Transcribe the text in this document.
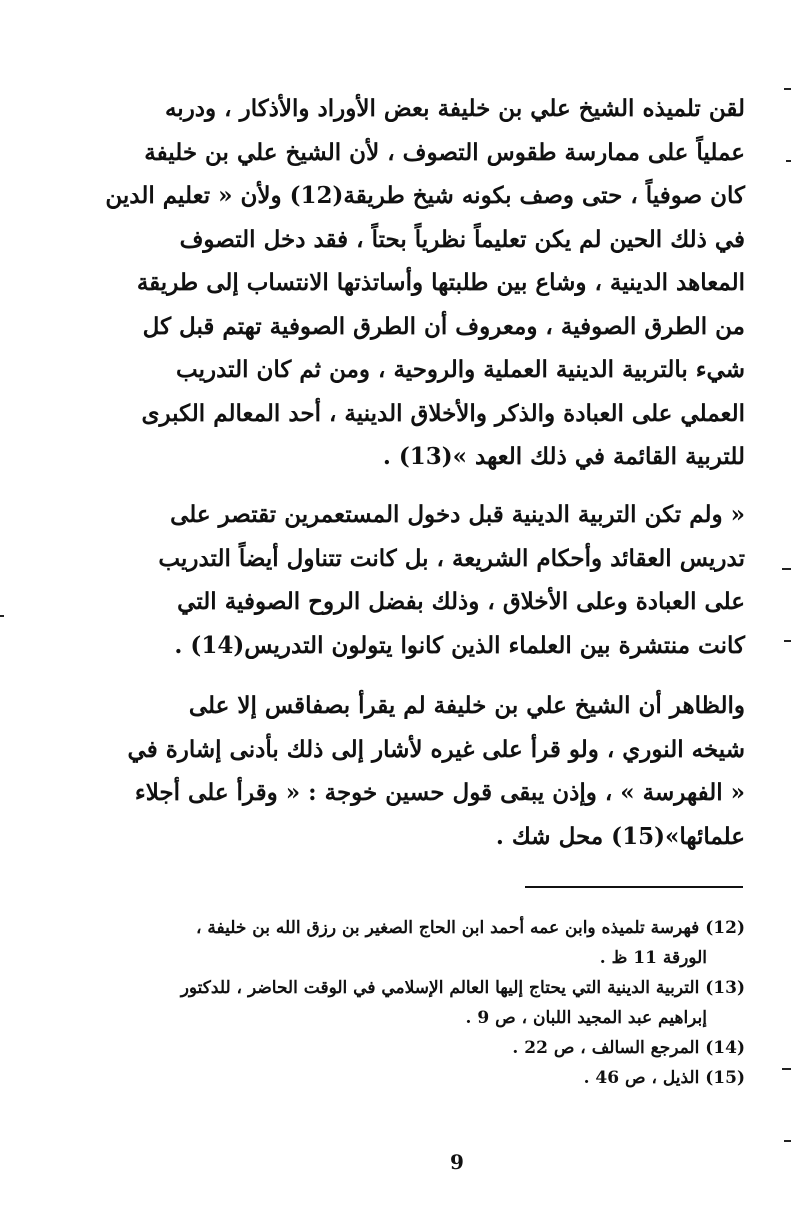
لقن تلميذه الشيخ علي بن خليفة بعض الأوراد والأذكار ، ودربه
عملياً على ممارسة طقوس التصوف ، لأن الشيخ علي بن خليفة
كان صوفياً ، حتى وصف بكونه شيخ طريقة(12) ولأن « تعليم الدين
في ذلك الحين لم يكن تعليماً نظرياً بحتاً ، فقد دخل التصوف
المعاهد الدينية ، وشاع بين طلبتها وأساتذتها الانتساب إلى طريقة
من الطرق الصوفية ، ومعروف أن الطرق الصوفية تهتم قبل كل
شيء بالتربية الدينية العملية والروحية ، ومن ثم كان التدريب
العملي على العبادة والذكر والأخلاق الدينية ، أحد المعالم الكبرى
للتربية القائمة في ذلك العهد »(13) .
« ولم تكن التربية الدينية قبل دخول المستعمرين تقتصر على
تدريس العقائد وأحكام الشريعة ، بل كانت تتناول أيضاً التدريب
على العبادة وعلى الأخلاق ، وذلك بفضل الروح الصوفية التي
كانت منتشرة بين العلماء الذين كانوا يتولون التدريس(14) .
والظاهر أن الشيخ علي بن خليفة لم يقرأ بصفاقس إلا على
شيخه النوري ، ولو قرأ على غيره لأشار إلى ذلك بأدنى إشارة في
« الفهرسة » ، وإذن يبقى قول حسين خوجة : « وقرأ على أجلاء
علمائها»(15) محل شك .
(12) فهرسة تلميذه وابن عمه أحمد ابن الحاج الصغير بن رزق الله بن خليفة ،
الورقة 11 ظ .
(13) التربية الدينية التي يحتاج إليها العالم الإسلامي في الوقت الحاضر ، للدكتور
إبراهيم عبد المجيد اللبان ، ص 9 .
(14) المرجع السالف ، ص 22 .
(15) الذيل ، ص 46 .
9
